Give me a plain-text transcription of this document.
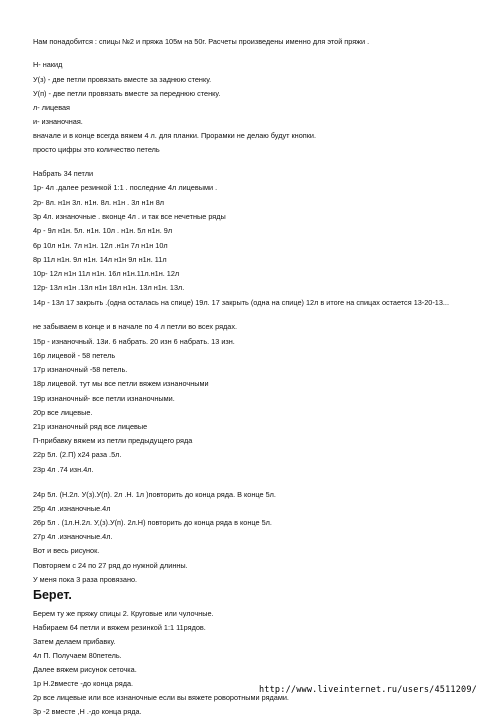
Нам понадобится : спицы №2 и пряжа 105м на 50г. Расчеты произведены именно для этой пряжи .
Н- накид
У(з) - две петли провязать вместе за заднюю стенку.
У(п) - две петли провязать вместе за переднюю стенку.
л- лицевая
и- изнаночная.
вначале и в конце всегда вяжем 4 л. для планки. Прорамки не делаю будут кнопки.
просто цифры это количество петель
Набрать 34 петли
1р- 4л .далее резинкой 1:1 . последние 4л лицевыми .
2р- 8л. н1н 3л. н1н. 8л. н1н . 3л н1н 8л
3р 4л. изнаночные . вконце 4л . и так все нечетные ряды
4р - 9л н1н. 5л. н1н. 10л . н1н. 5л н1н. 9л
6р 10л н1н. 7л н1н. 12л .н1н 7л н1н 10л
8р 11л н1н. 9л н1н. 14л н1н 9л н1н. 11л
10р- 12л н1н 11л н1н. 16л н1н.11л.н1н. 12л
12р- 13л н1н .13л н1н 18л н1н. 13л н1н. 13л.
14р - 13л 17 закрыть .(одна осталась на спице) 19л. 17 закрыть (одна на спице) 12л в итоге на спицах остается 13-20-13...
не забываем в конце и в начале по 4 л петли во всех рядах.
15р - изнаночный. 13и. 6 набрать. 20 изн 6 набрать. 13 изн.
16р лицевой - 58 петель
17р изнаночный -58 петель.
18р лицевой. тут мы все петли вяжем изнаночными
19р изнаночный- все петли изнаночными.
20р все лицевые.
21р изнаночный ряд все лицевые
П-прибавку вяжем из петли предыдущего ряда
22р 5л. (2.П) х24 раза .5л.
23р 4л .74 изн.4л.
24р 5л. (Н.2л. У(з).У(п). 2л .Н. 1л )повторить до конца ряда. В конце 5л.
25р 4л .изнаночные.4л
26р 5л . (1л.Н.2л. У,(з).У(п). 2л.Н) повторить до конца ряда в конце 5л.
27р 4л .изнаночные.4л.
Вот и весь рисунок.
Повторяем с 24 по 27 ряд до нужной длинны.
У меня пока 3 раза провязано.
Берет.
Берем ту же пряжу спицы 2. Круговые или чулочные.
Набираем 64 петли и вяжем резинкой 1:1 11рядов.
Затем делаем прибавку.
4л П. Получаем 80петель.
Далее вяжем рисунок сеточка.
1р Н.2вместе -до конца ряда.
2р все лицевые или все изнаночные если вы вяжете роворотными рядами.
3р -2 вместе ,Н .-до конца ряда.
http://www.liveinternet.ru/users/4511209/
